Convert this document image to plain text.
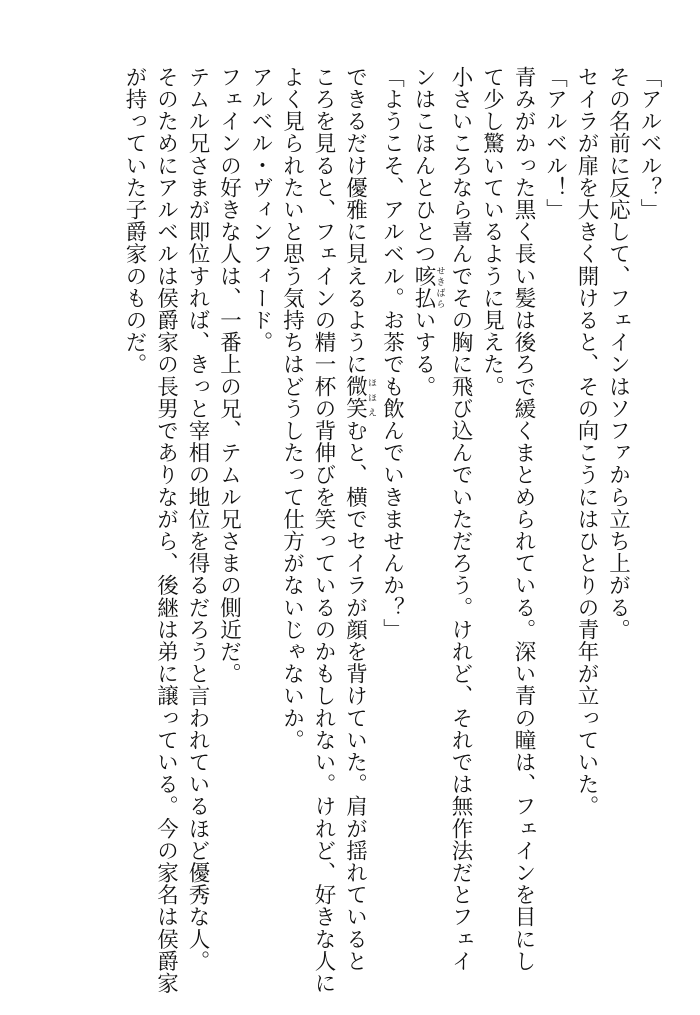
「アルベル？」
その名前に反応して、フェインはソファから立ち上がる。
セイラが扉を大きく開けると、その向こうにはひとりの青年が立っていた。
「アルベル！」
青みがかった黒く長い髪は後ろで緩くまとめられている。深い青の瞳は、フェインを目にし
て少し驚いているように見えた。
小さいころなら喜んでその胸に飛び込んでいただろう。けれど、それでは無作法だとフェイ
ンはこほんとひとつ咳払せきばらいする。
「ようこそ、アルベル。お茶でも飲んでいきませんか？」
できるだけ優雅に見えるように微笑ほほえむと、横でセイラが顔を背けていた。肩が揺れていると
ころを見ると、フェインの精一杯の背伸びを笑っているのかもしれない。けれど、好きな人に
よく見られたいと思う気持ちはどうしたって仕方がないじゃないか。
アルベル・ヴィンフィード。
フェインの好きな人は、一番上の兄、テムル兄さまの側近だ。
テムル兄さまが即位すれば、きっと宰相の地位を得るだろうと言われているほど優秀な人。
そのためにアルベルは侯爵家の長男でありながら、後継は弟に譲っている。今の家名は侯爵家
が持っていた子爵家のものだ。
